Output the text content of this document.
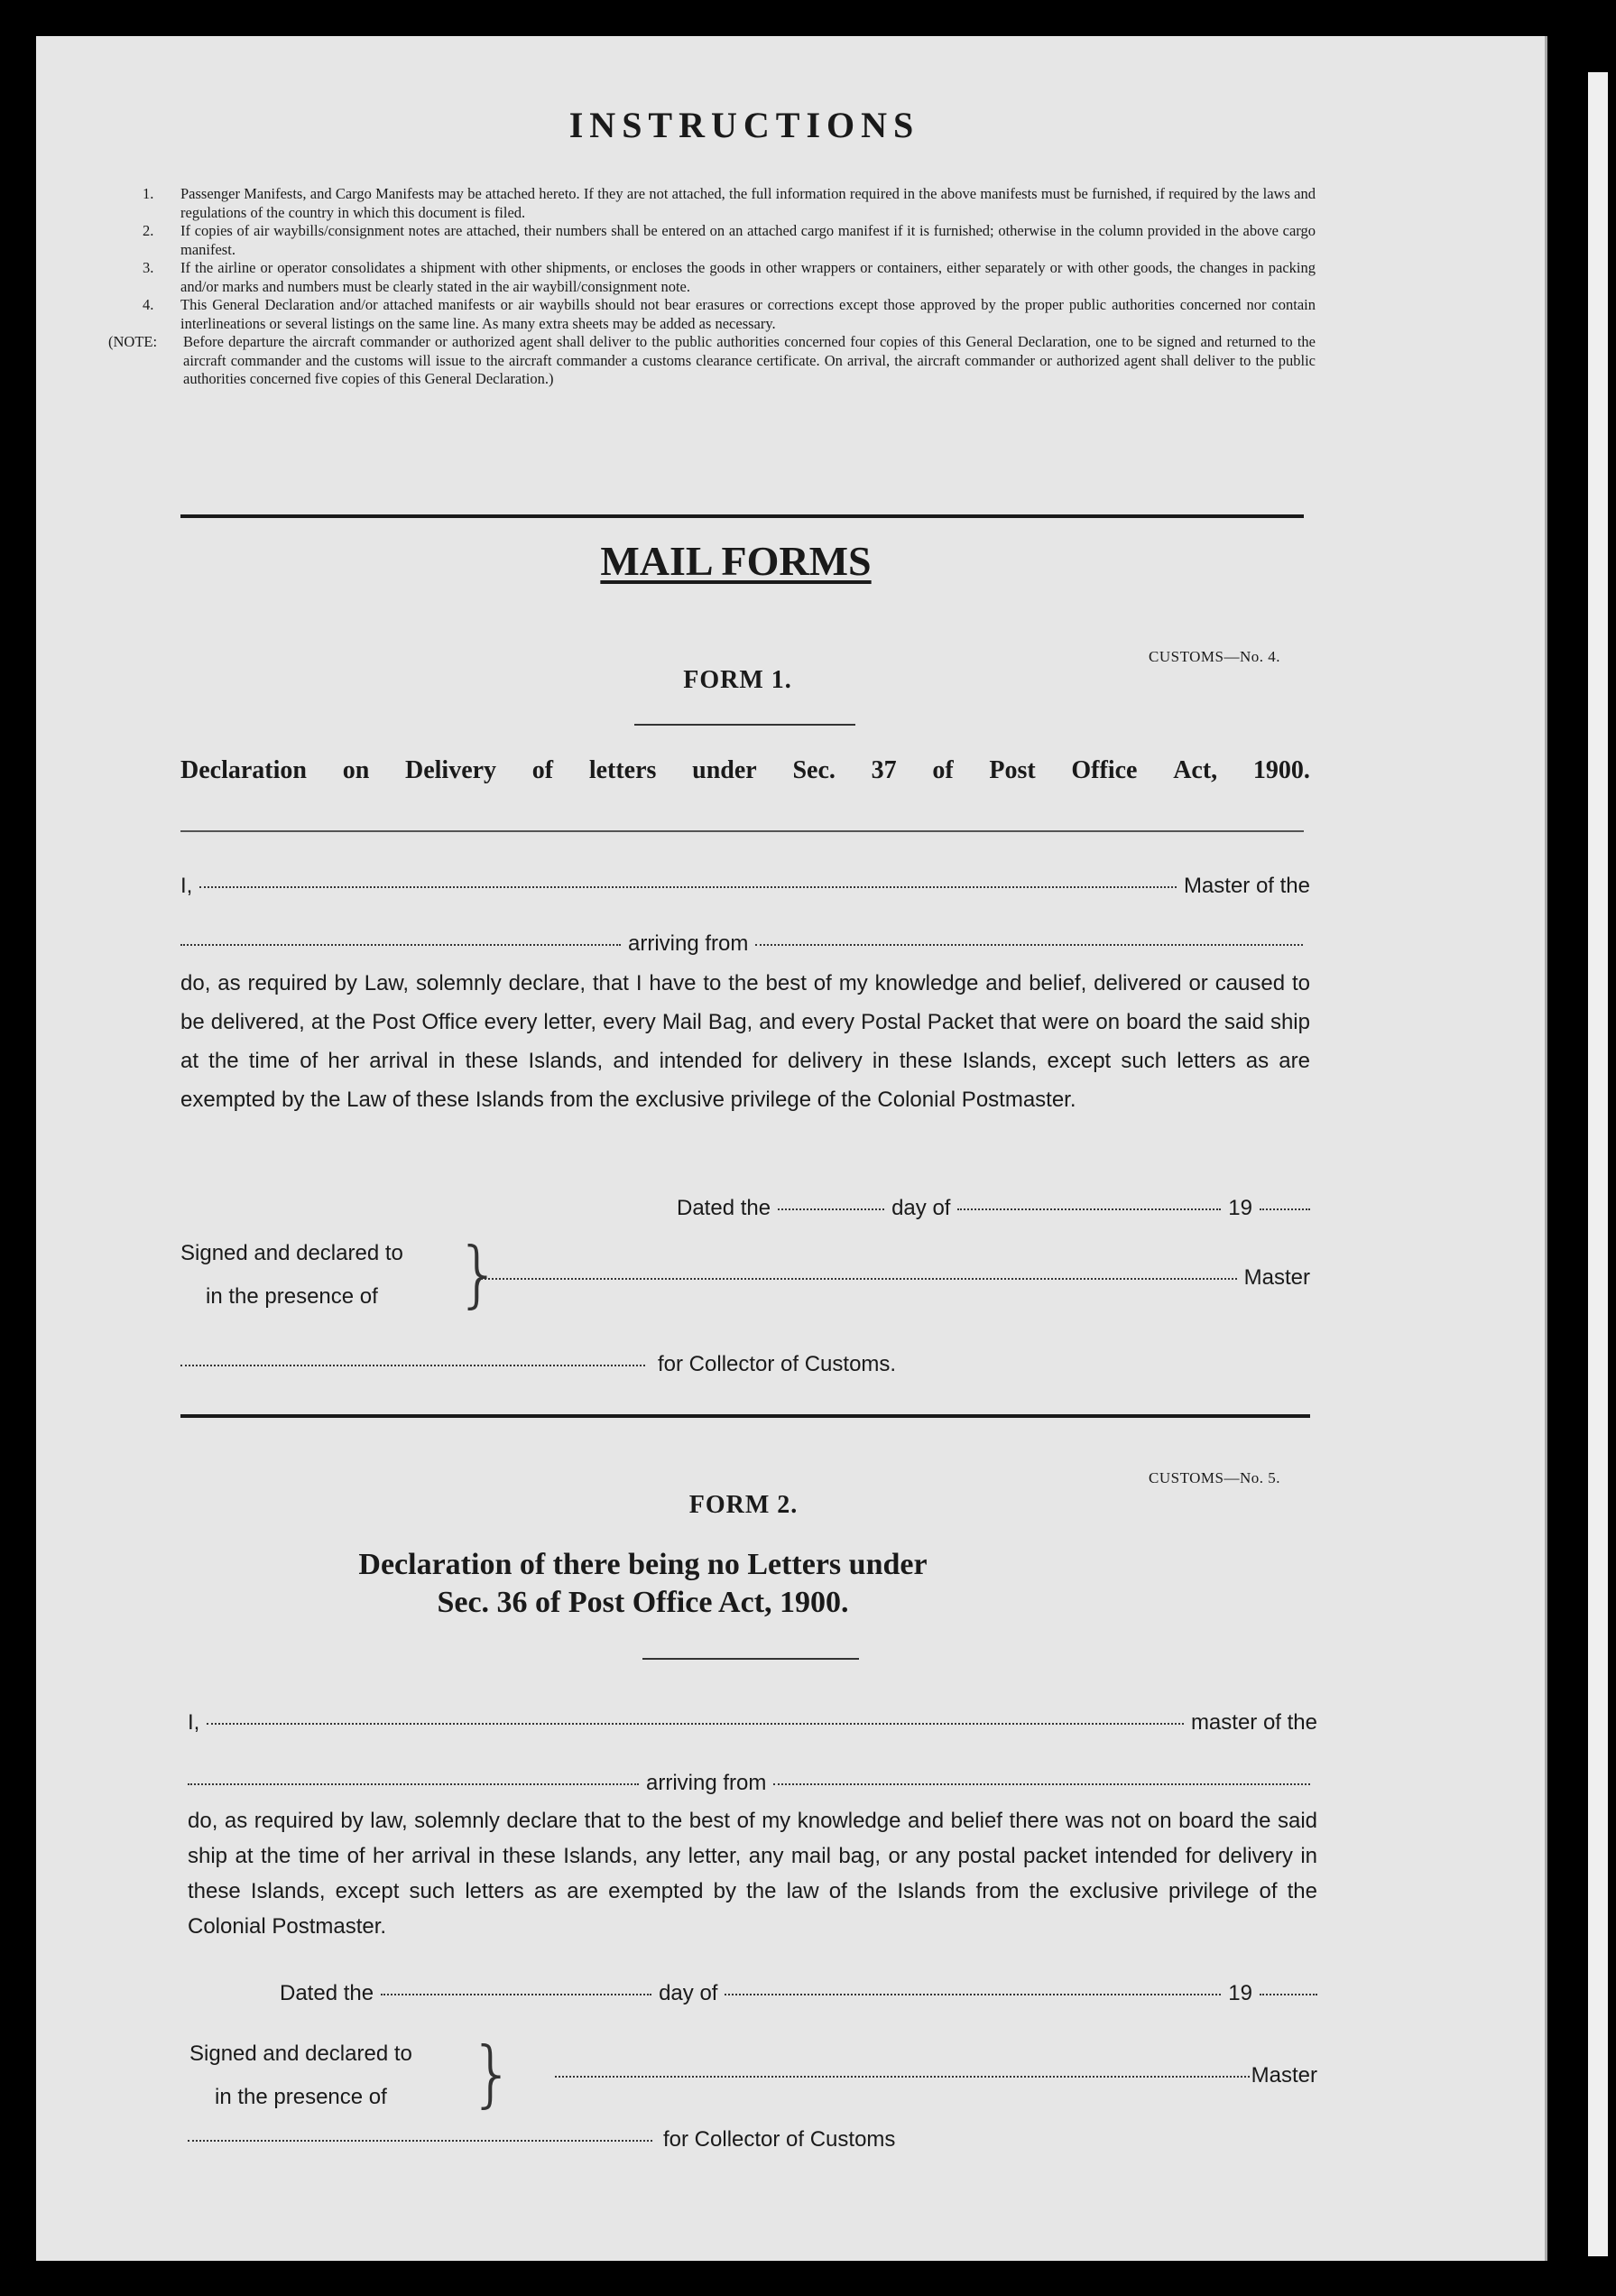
INSTRUCTIONS
1. Passenger Manifests, and Cargo Manifests may be attached hereto. If they are not attached, the full information required in the above manifests must be furnished, if required by the laws and regulations of the country in which this document is filed.
2. If copies of air waybills/consignment notes are attached, their numbers shall be entered on an attached cargo manifest if it is furnished; otherwise in the column provided in the above cargo manifest.
3. If the airline or operator consolidates a shipment with other shipments, or encloses the goods in other wrappers or containers, either separately or with other goods, the changes in packing and/or marks and numbers must be clearly stated in the air waybill/consignment note.
4. This General Declaration and/or attached manifests or air waybills should not bear erasures or corrections except those approved by the proper public authorities concerned nor contain interlineations or several listings on the same line. As many extra sheets may be added as necessary.
(NOTE: Before departure the aircraft commander or authorized agent shall deliver to the public authorities concerned four copies of this General Declaration, one to be signed and returned to the aircraft commander and the customs will issue to the aircraft commander a customs clearance certificate. On arrival, the aircraft commander or authorized agent shall deliver to the public authorities concerned five copies of this General Declaration.)
MAIL FORMS
CUSTOMS—No. 4.
FORM 1.
Declaration on Delivery of letters under Sec. 37 of Post Office Act, 1900.
I,	Master of the
arriving from
do, as required by Law, solemnly declare, that I have to the best of my knowledge and belief, delivered or caused to be delivered, at the Post Office every letter, every Mail Bag, and every Postal Packet that were on board the said ship at the time of her arrival in these Islands, and intended for delivery in these Islands, except such letters as are exempted by the Law of these Islands from the exclusive privilege of the Colonial Postmaster.
Dated the	day of	19
Signed and declared to
in the presence of	}	Master
for Collector of Customs.
CUSTOMS—No. 5.
FORM 2.
Declaration of there being no Letters under
Sec. 36 of Post Office Act, 1900.
I,	master of the
arriving from
do, as required by law, solemnly declare that to the best of my knowledge and belief there was not on board the said ship at the time of her arrival in these Islands, any letter, any mail bag, or any postal packet intended for delivery in these Islands, except such letters as are exempted by the law of the Islands from the exclusive privilege of the Colonial Postmaster.
Dated the	day of	19
Signed and declared to
in the presence of	}	Master
for Collector of Customs
